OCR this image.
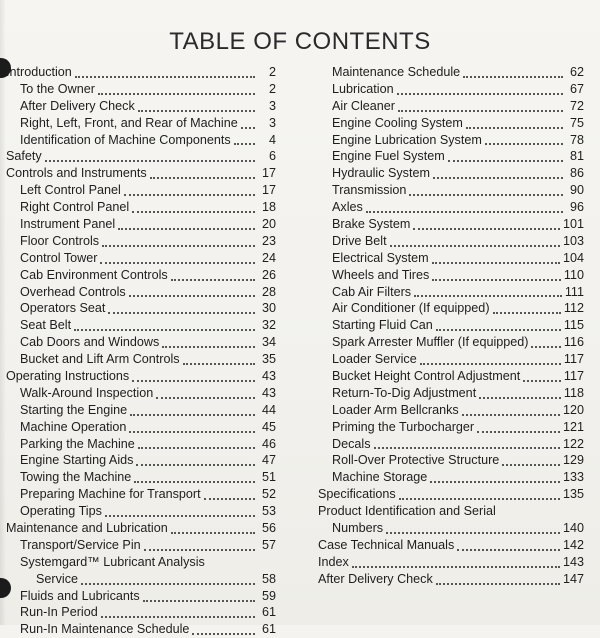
TABLE OF CONTENTS
Introduction	2
To the Owner	2
After Delivery Check	3
Right, Left, Front, and Rear of Machine	3
Identification of Machine Components	4
Safety	6
Controls and Instruments	17
Left Control Panel	17
Right Control Panel	18
Instrument Panel	20
Floor Controls	23
Control Tower	24
Cab Environment Controls	26
Overhead Controls	28
Operators Seat	30
Seat Belt	32
Cab Doors and Windows	34
Bucket and Lift Arm Controls	35
Operating Instructions	43
Walk-Around Inspection	43
Starting the Engine	44
Machine Operation	45
Parking the Machine	46
Engine Starting Aids	47
Towing the Machine	51
Preparing Machine for Transport	52
Operating Tips	53
Maintenance and Lubrication	56
Transport/Service Pin	57
Systemgard™ Lubricant Analysis
Service	58
Fluids and Lubricants	59
Run-In Period	61
Run-In Maintenance Schedule	61
Maintenance Schedule	62
Lubrication	67
Air Cleaner	72
Engine Cooling System	75
Engine Lubrication System	78
Engine Fuel System	81
Hydraulic System	86
Transmission	90
Axles	96
Brake System	101
Drive Belt	103
Electrical System	104
Wheels and Tires	110
Cab Air Filters	111
Air Conditioner (If equipped)	112
Starting Fluid Can	115
Spark Arrester Muffler (If equipped)	116
Loader Service	117
Bucket Height Control Adjustment	117
Return-To-Dig Adjustment	118
Loader Arm Bellcranks	120
Priming the Turbocharger	121
Decals	122
Roll-Over Protective Structure	129
Machine Storage	133
Specifications	135
Product Identification and Serial
Numbers	140
Case Technical Manuals	142
Index	143
After Delivery Check	147
